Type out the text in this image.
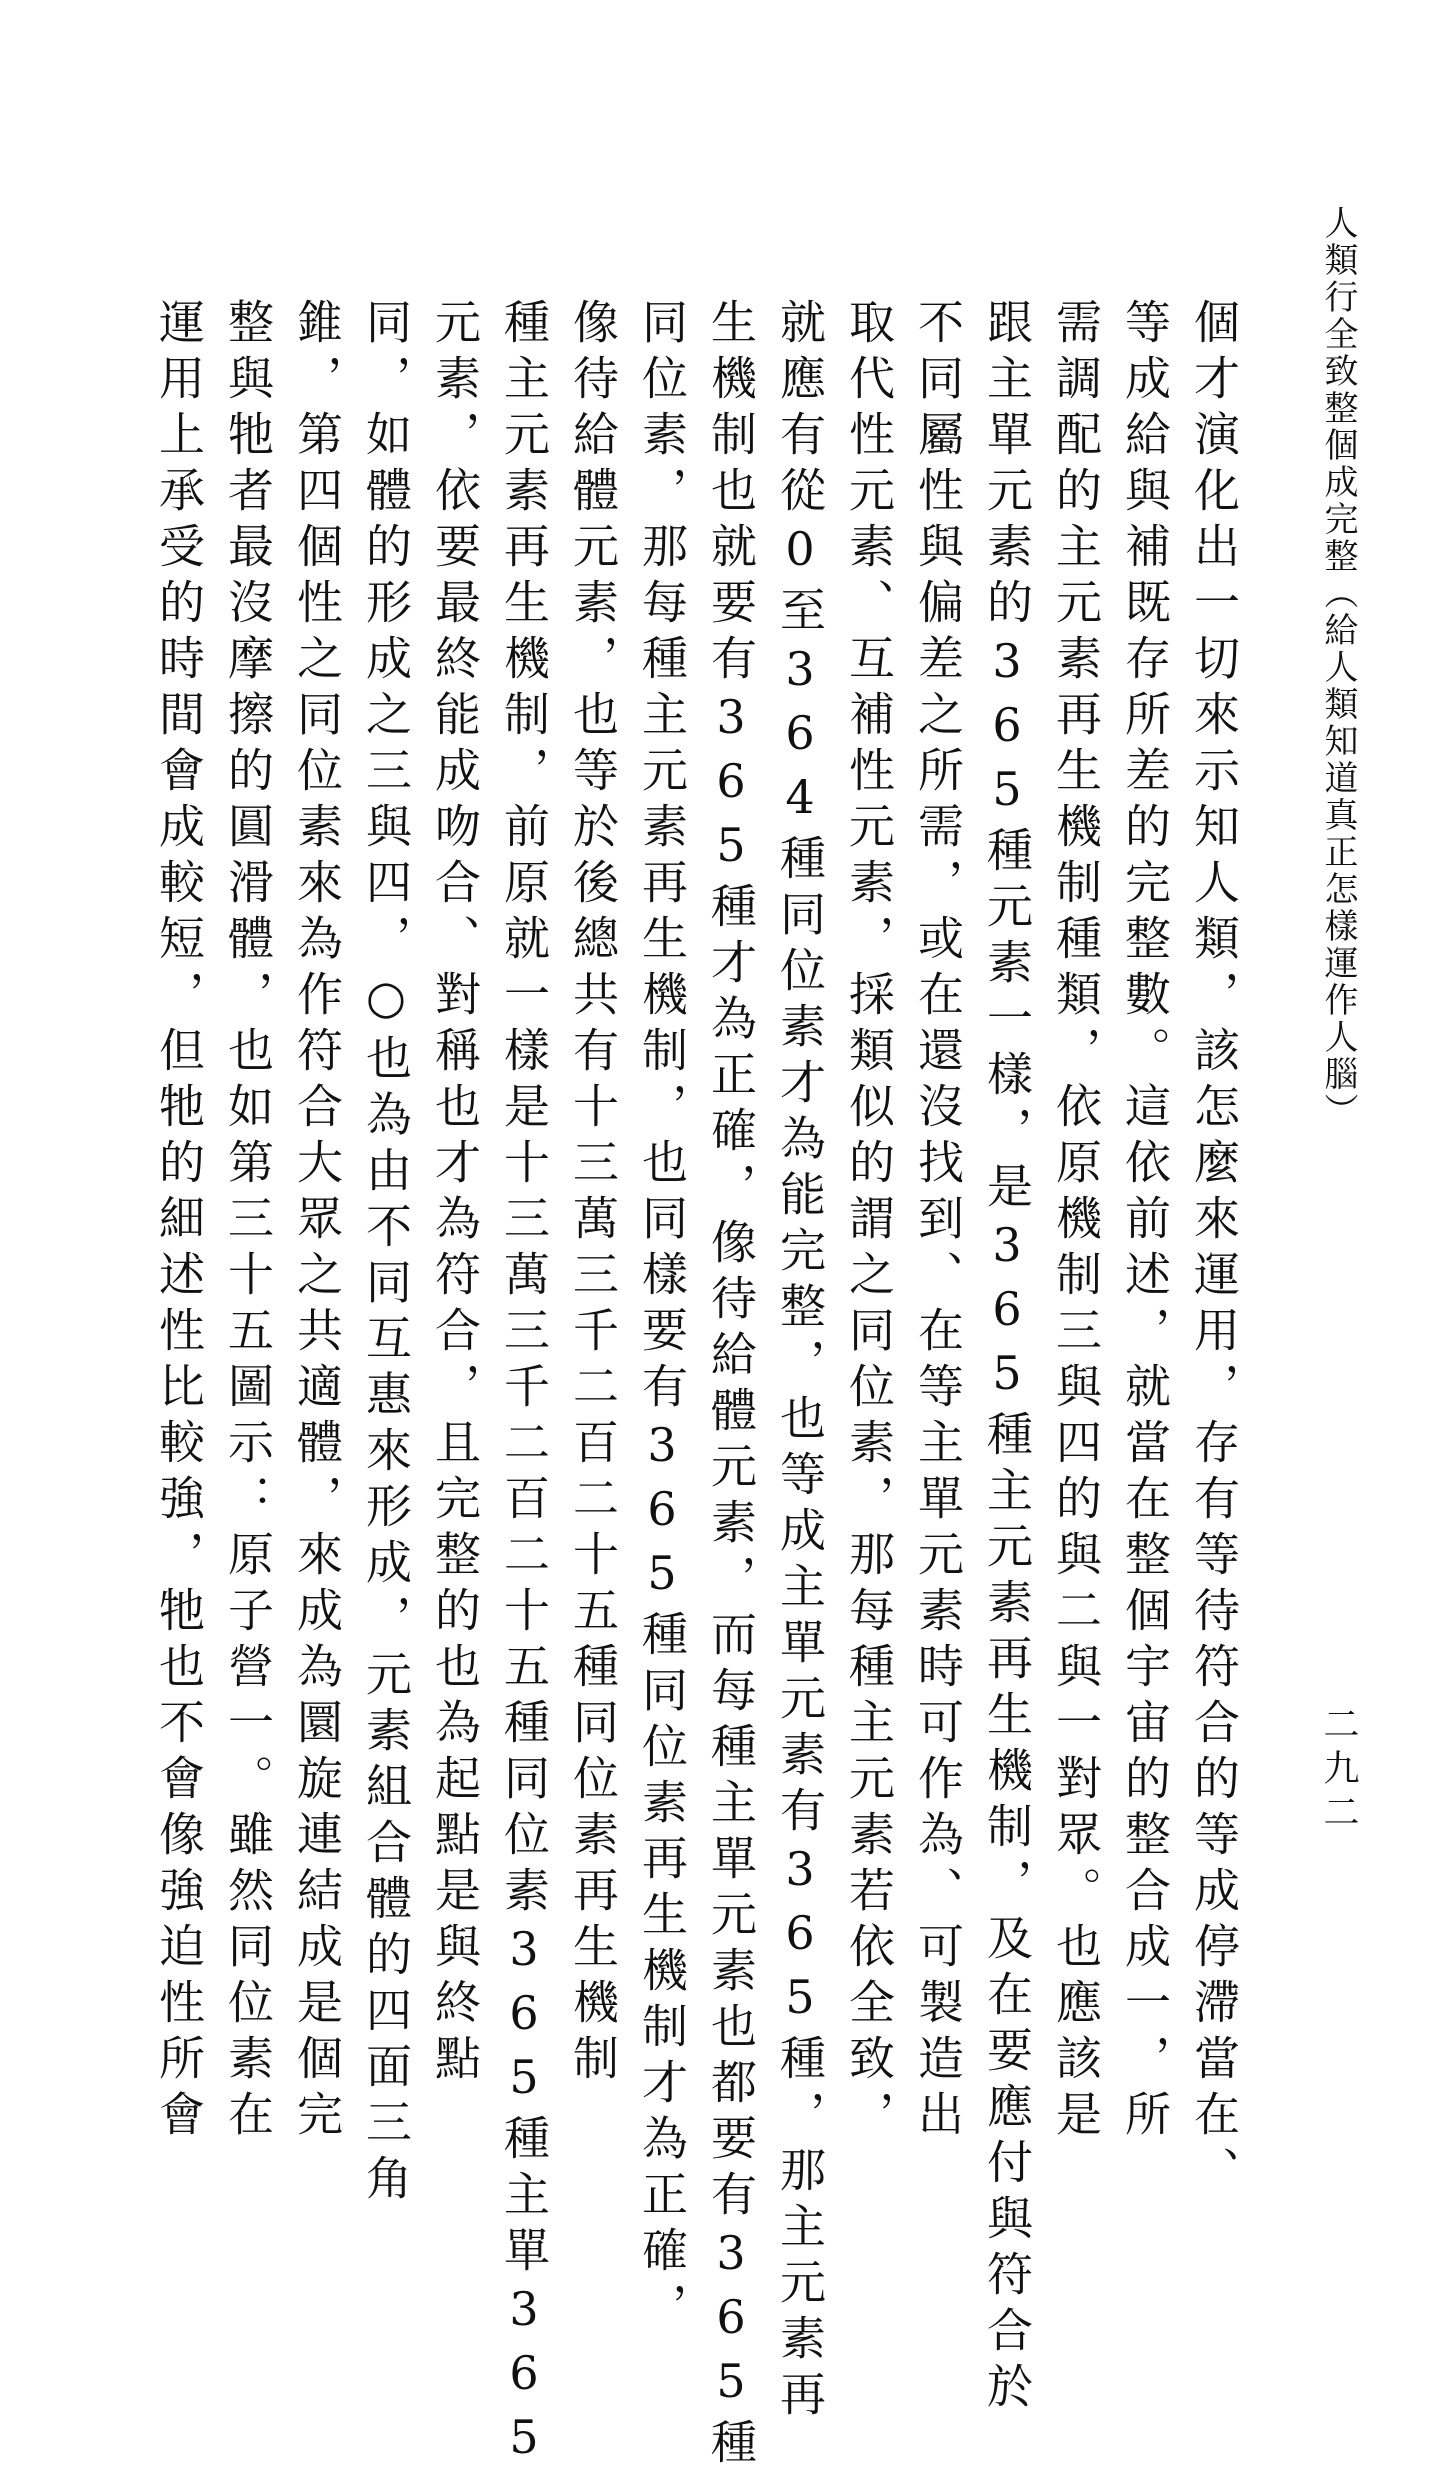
人類行全致整個成完整（給人類知道真正怎樣運作人腦）
二九二
個才演化出一切來示知人類，該怎麼來運用，存有等待符合的等成停滯當在、
等成給與補既存所差的完整數。這依前述，就當在整個宇宙的整合成一，所
需調配的主元素再生機制種類，依原機制三與四的與二與一對眾。也應該是
跟主單元素的365種元素一樣，是365種主元素再生機制，及在要應付與符合於
不同屬性與偏差之所需，或在還沒找到、在等主單元素時可作為、可製造出
取代性元素、互補性元素，採類似的謂之同位素，那每種主元素若依全致，
就應有從0至364種同位素才為能完整，也等成主單元素有365種，那主元素再
生機制也就要有365種才為正確，像待給體元素，而每種主單元素也都要有365種
同位素，那每種主元素再生機制，也同樣要有365種同位素再生機制才為正確，
像待給體元素，也等於後總共有十三萬三千二百二十五種同位素再生機制
種主元素再生機制，前原就一樣是十三萬三千二百二十五種同位素365種主單365
元素，依要最終能成吻合、對稱也才為符合，且完整的也為起點是與終點
同，如體的形成之三與四，○也為由不同互惠來形成，元素組合體的四面三角
錐，第四個性之同位素來為作符合大眾之共適體，來成為圜旋連結成是個完
整與牠者最沒摩擦的圓滑體，也如第三十五圖示：原子營一。雖然同位素在
運用上承受的時間會成較短，但牠的細述性比較強，牠也不會像強迫性所會
